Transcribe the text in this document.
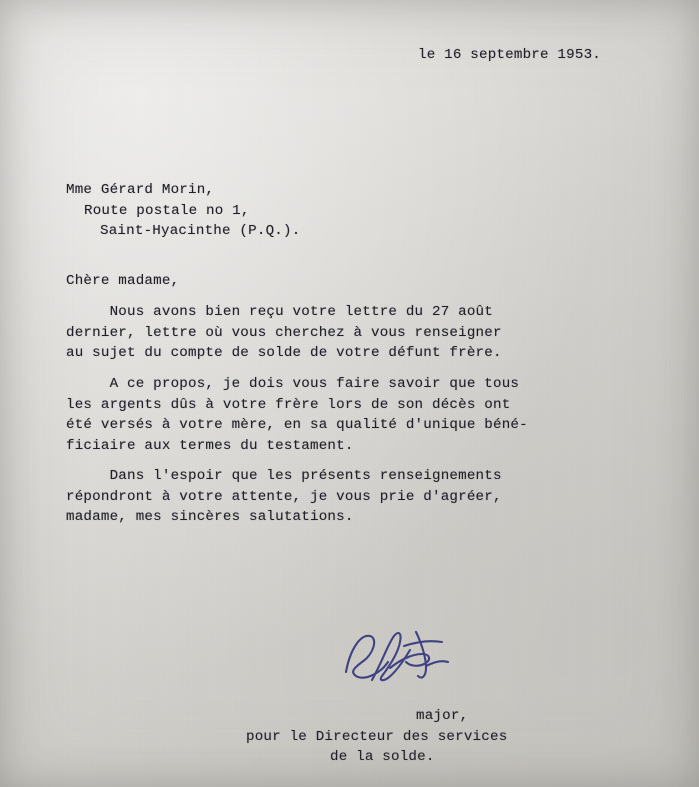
le 16 septembre 1953.
Mme Gérard Morin,
Route postale no 1,
Saint-Hyacinthe (P.Q.).
Chère madame,
Nous avons bien reçu votre lettre du 27 août
dernier, lettre où vous cherchez à vous renseigner
au sujet du compte de solde de votre défunt frère.
A ce propos, je dois vous faire savoir que tous
les argents dûs à votre frère lors de son décès ont
été versés à votre mère, en sa qualité d'unique béné-
ficiaire aux termes du testament.
Dans l'espoir que les présents renseignements
répondront à votre attente, je vous prie d'agréer,
madame, mes sincères salutations.
major,
pour le Directeur des services
de la solde.
